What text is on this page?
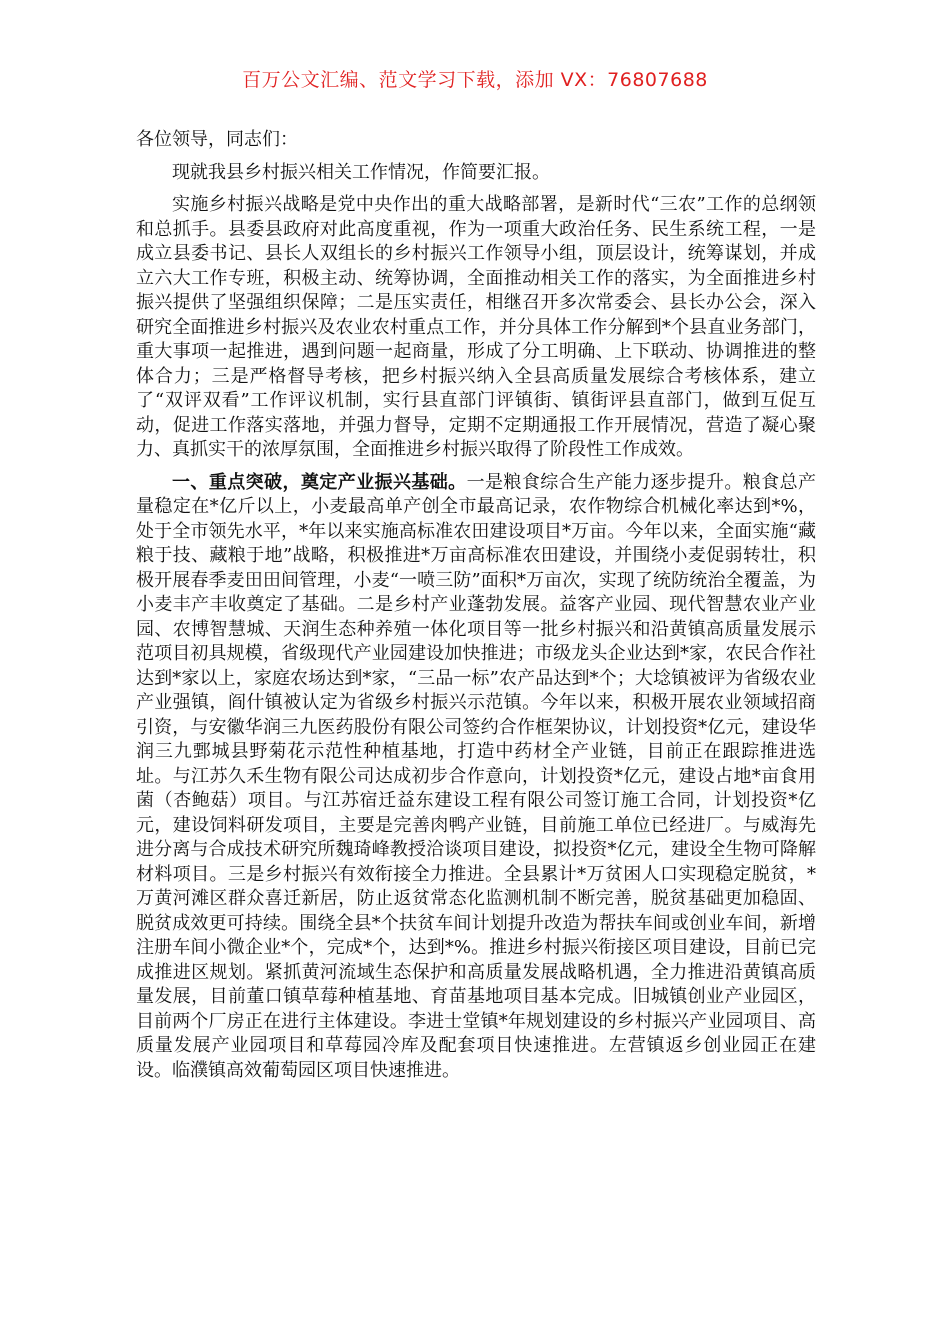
百万公文汇编、范文学习下载，添加 VX：76807688

各位领导，同志们：

现就我县乡村振兴相关工作情况，作简要汇报。

实施乡村振兴战略是党中央作出的重大战略部署，是新时代“三农”工作的总纲领和总抓手。县委县政府对此高度重视，作为一项重大政治任务、民生系统工程，一是成立县委书记、县长人双组长的乡村振兴工作领导小组，顶层设计，统筹谋划，并成立六大工作专班，积极主动、统筹协调，全面推动相关工作的落实，为全面推进乡村振兴提供了坚强组织保障；二是压实责任，相继召开多次常委会、县长办公会，深入研究全面推进乡村振兴及农业农村重点工作，并分具体工作分解到*个县直业务部门，重大事项一起推进，遇到问题一起商量，形成了分工明确、上下联动、协调推进的整体合力；三是严格督导考核，把乡村振兴纳入全县高质量发展综合考核体系，建立了“双评双看”工作评议机制，实行县直部门评镇街、镇街评县直部门，做到互促互动，促进工作落实落地，并强力督导，定期不定期通报工作开展情况，营造了凝心聚力、真抓实干的浓厚氛围，全面推进乡村振兴取得了阶段性工作成效。

一、重点突破，奠定产业振兴基础。一是粮食综合生产能力逐步提升。粮食总产量稳定在*亿斤以上，小麦最高单产创全市最高记录，农作物综合机械化率达到*%，处于全市领先水平，*年以来实施高标准农田建设项目*万亩。今年以来，全面实施“藏粮于技、藏粮于地”战略，积极推进*万亩高标准农田建设，并围绕小麦促弱转壮，积极开展春季麦田田间管理，小麦“一喷三防”面积*万亩次，实现了统防统治全覆盖，为小麦丰产丰收奠定了基础。二是乡村产业蓬勃发展。益客产业园、现代智慧农业产业园、农博智慧城、天润生态种养殖一体化项目等一批乡村振兴和沿黄镇高质量发展示范项目初具规模，省级现代产业园建设加快推进；市级龙头企业达到*家，农民合作社达到*家以上，家庭农场达到*家，“三品一标”农产品达到*个；大埝镇被评为省级农业产业强镇，阎什镇被认定为省级乡村振兴示范镇。今年以来，积极开展农业领域招商引资，与安徽华润三九医药股份有限公司签约合作框架协议，计划投资*亿元，建设华润三九鄄城县野菊花示范性种植基地，打造中药材全产业链，目前正在跟踪推进选址。与江苏久禾生物有限公司达成初步合作意向，计划投资*亿元，建设占地*亩食用菌（杏鲍菇）项目。与江苏宿迁益东建设工程有限公司签订施工合同，计划投资*亿元，建设饲料研发项目，主要是完善肉鸭产业链，目前施工单位已经进厂。与威海先进分离与合成技术研究所魏琦峰教授洽谈项目建设，拟投资*亿元，建设全生物可降解材料项目。三是乡村振兴有效衔接全力推进。全县累计*万贫困人口实现稳定脱贫，*万黄河滩区群众喜迁新居，防止返贫常态化监测机制不断完善，脱贫基础更加稳固、脱贫成效更可持续。围绕全县*个扶贫车间计划提升改造为帮扶车间或创业车间，新增注册车间小微企业*个，完成*个，达到*%。推进乡村振兴衔接区项目建设，目前已完成推进区规划。紧抓黄河流域生态保护和高质量发展战略机遇，全力推进沿黄镇高质量发展，目前董口镇草莓种植基地、育苗基地项目基本完成。旧城镇创业产业园区，目前两个厂房正在进行主体建设。李进士堂镇*年规划建设的乡村振兴产业园项目、高质量发展产业园项目和草莓园冷库及配套项目快速推进。左营镇返乡创业园正在建设。临濮镇高效葡萄园区项目快速推进。
